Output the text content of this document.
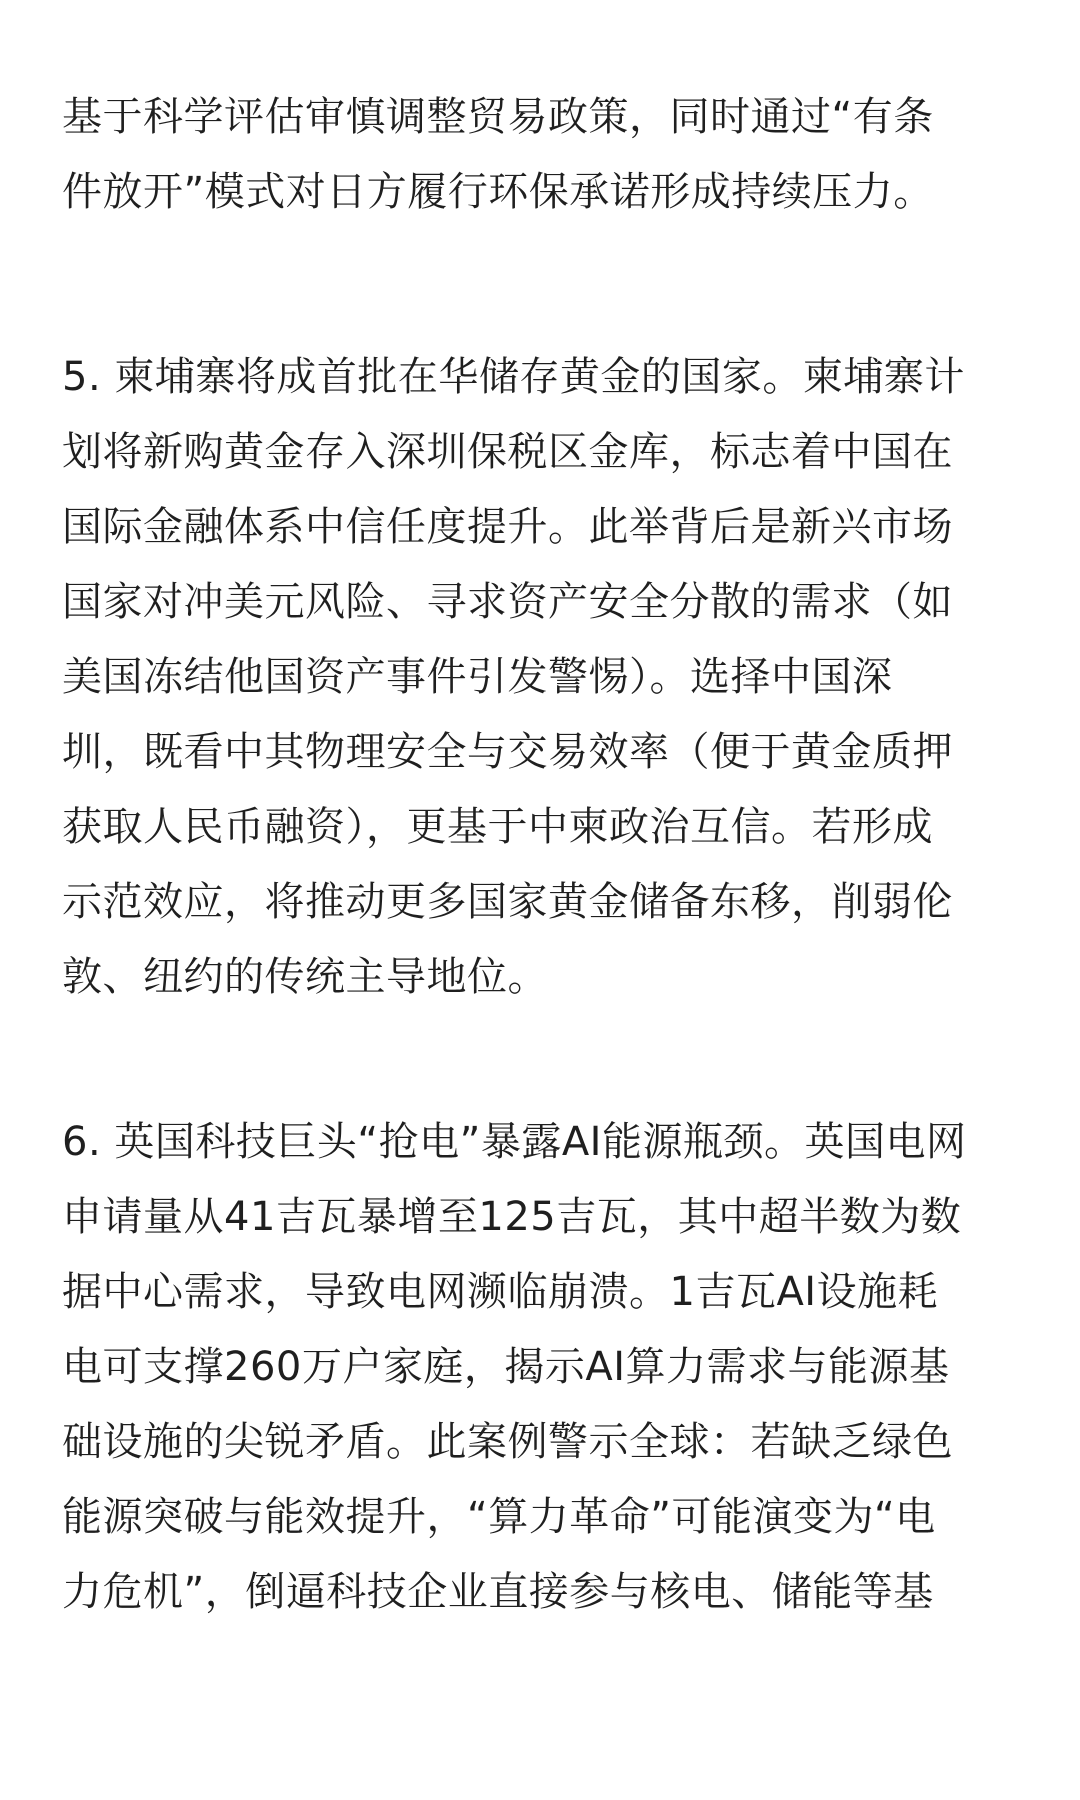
基于科学评估审慎调整贸易政策，同时通过“有条
件放开”模式对日方履行环保承诺形成持续压力。

5. 柬埔寨将成首批在华储存黄金的国家。柬埔寨计
划将新购黄金存入深圳保税区金库，标志着中国在
国际金融体系中信任度提升。此举背后是新兴市场
国家对冲美元风险、寻求资产安全分散的需求（如
美国冻结他国资产事件引发警惕）。选择中国深
圳，既看中其物理安全与交易效率（便于黄金质押
获取人民币融资），更基于中柬政治互信。若形成
示范效应，将推动更多国家黄金储备东移，削弱伦
敦、纽约的传统主导地位。

6. 英国科技巨头“抢电”暴露AI能源瓶颈。英国电网
申请量从41吉瓦暴增至125吉瓦，其中超半数为数
据中心需求，导致电网濒临崩溃。1吉瓦AI设施耗
电可支撑260万户家庭，揭示AI算力需求与能源基
础设施的尖锐矛盾。此案例警示全球：若缺乏绿色
能源突破与能效提升，“算力革命”可能演变为“电
力危机”，倒逼科技企业直接参与核电、储能等基
